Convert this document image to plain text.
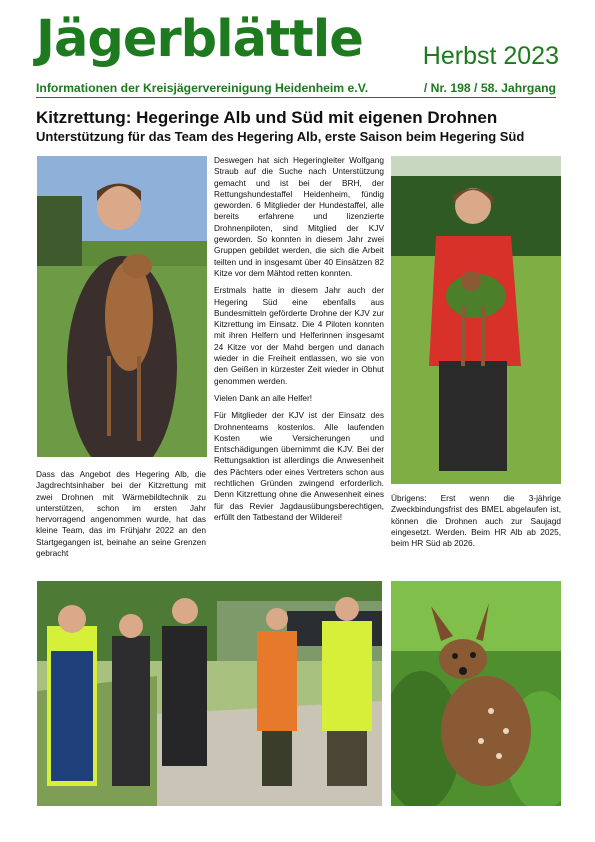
Jägerblättle Herbst 2023
Informationen der Kreisjägervereinigung Heidenheim e.V.	/ Nr. 198 / 58. Jahrgang
Kitzrettung: Hegeringe Alb und Süd mit eigenen Drohnen
Unterstützung für das Team des Hegering Alb, erste Saison beim Hegering Süd

Dass das Angebot des Hegering Alb, die Jagdrechtsinhaber bei der Kitzrettung mit zwei Drohnen mit Wärmebildtechnik zu unterstützen, schon im ersten Jahr hervorragend angenommen wurde, hat das kleine Team, das im Frühjahr 2022 an den Startgegangen ist, beinahe an seine Grenzen gebracht

Deswegen hat sich Hegeringleiter Wolfgang Straub auf die Suche nach Unterstützung gemacht und ist bei der BRH, der Rettungshundestaffel Heidenheim, fündig geworden. 6 Mitglieder der Hundestaffel, alle bereits erfahrene und lizenzierte Drohnenpiloten, sind Mitglied der KJV geworden. So konnten in diesem Jahr zwei Gruppen gebildet werden, die sich die Arbeit teilten und in insgesamt über 40 Einsätzen 82 Kitze vor dem Mähtod retten konnten.

Erstmals hatte in diesem Jahr auch der Hegering Süd eine ebenfalls aus Bundesmitteln geförderte Drohne der KJV zur Kitzrettung im Einsatz. Die 4 Piloten konnten mit ihren Helfern und Helferinnen insgesamt 24 Kitze vor der Mahd bergen und danach wieder in die Freiheit entlassen, wo sie von den Geißen in kürzester Zeit wieder in Obhut genommen werden.

Vielen Dank an alle Helfer!

Für Mitglieder der KJV ist der Einsatz des Drohnenteams kostenlos. Alle laufenden Kosten wie Versicherungen und Entschädigungen übernimmt die KJV. Bei der Rettungsaktion ist allerdings die Anwesenheit des Pächters oder eines Vertreters schon aus rechtlichen Gründen zwingend erforderlich. Denn Kitzrettung ohne die Anwesenheit eines für das Revier Jagdausübungsberechtigen, erfüllt den Tatbestand der Wilderei!

Übrigens: Erst wenn die 3-jährige Zweckbindungsfrist des BMEL abgelaufen ist, können die Drohnen auch zur Saujagd eingesetzt. Werden. Beim HR Alb ab 2025, beim HR Süd ab 2026.
